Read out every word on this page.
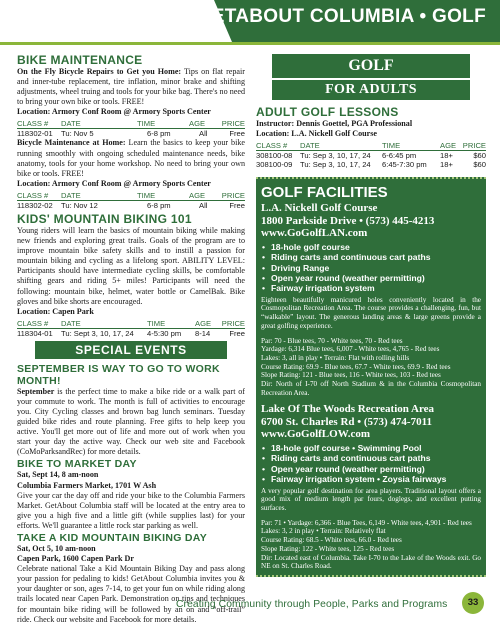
GETABOUT COLUMBIA • GOLF
BIKE MAINTENANCE

On the Fly Bicycle Repairs to Get you Home: Tips on flat repair and inner-tube replacement, tire inflation, minor brake and shifting adjustments, wheel truing and tools for your bike bag. There's no need to bring your own bike or tools. FREE!

Location: Armory Conf Room @ Armory Sports Center
CLASS #	DATE	TIME	AGE	PRICE
118302-01	Tu: Nov 5	6-8 pm	All	Free

Bicycle Maintenance at Home: Learn the basics to keep your bike running smoothly with ongoing scheduled maintenance needs, bike anatomy, tools for your home workshop. No need to bring your own bike or tools. FREE!

Location: Armory Conf Room @ Armory Sports Center
CLASS #	DATE	TIME	AGE	PRICE
118302-02	Tu: Nov 12	6-8 pm	All	Free
KIDS' MOUNTAIN BIKING 101

Young riders will learn the basics of mountain biking while making new friends and exploring great trails. Goals of the program are to improve mountain bike safety skills and to instill a passion for mountain biking and cycling as a lifelong sport. ABILITY LEVEL: Participants should have intermediate cycling skills, be comfortable shifting gears and riding 5+ miles! Participants will need the following: mountain bike, helmet, water bottle or CamelBak. Bike gloves and bike shorts are encouraged.

Location: Capen Park
CLASS #	DATE	TIME	AGE	PRICE
118304-01	Tu: Sept 3, 10, 17, 24	4-5:30 pm	8-14	Free
SPECIAL EVENTS
SEPTEMBER IS WAY TO GO TO WORK MONTH!

September is the perfect time to make a bike ride or a walk part of your commute to work. The month is full of activities to encourage you. City Cycling classes and brown bag lunch seminars. Tuesday guided bike rides and route planning. Free gifts to help keep you active. You'll get more out of life and more out of work when you start your day the active way. Check our web site and Facebook (CoMoParksandRec) for more details.

BIKE TO MARKET DAY
Sat, Sept 14, 8 am-noon
Columbia Farmers Market, 1701 W Ash

Give your car the day off and ride your bike to the Columbia Farmers Market. GetAbout Columbia staff will be located at the entry area to give you a high five and a little gift (while supplies last) for your efforts. We'll guarantee a little rock star parking as well.

TAKE A KID MOUNTAIN BIKING DAY
Sat, Oct 5, 10 am-noon
Capen Park, 1600 Capen Park Dr

Celebrate national Take a Kid Mountain Biking Day and pass along your passion for pedaling to kids! GetAbout Columbia invites you & your daughter or son, ages 7-14, to get your fun on while riding along trails located near Capen Park. Demonstration on tips and techniques for mountain bike riding will be followed by an on and “off-trail” ride. Check our website and Facebook for more details.

GOLF
FOR ADULTS
ADULT GOLF LESSONS
Instructor: Dennis Goettel, PGA Professional
Location: L.A. Nickell Golf Course
CLASS #	DATE	TIME	AGE PRICE
308100-08	Tu: Sep 3, 10, 17, 24	6-6:45 pm	18+	$60
308100-09	Tu: Sep 3, 10, 17, 24	6:45-7:30 pm	18+	$60
GOLF FACILITIES
L.A. Nickell Golf Course
1800 Parkside Drive • (573) 445-4213
www.GoGolfLAN.com
• 18-hole golf course
• Riding carts and continuous cart paths
• Driving Range
• Open year round (weather permitting)
• Fairway irrigation system

Eighteen beautifully manicured holes conveniently located in the Cosmopolitan Recreation Area. The course provides a challenging, fun, but “walkable” layout. The generous landing areas & large greens provide a great golfing experience.

Par: 70 - Blue tees, 70 - White tees, 70 - Red tees
Yardage: 6,314 Blue tees, 6,007 - White tees, 4,765 - Red tees
Lakes: 3, all in play • Terrain: Flat with rolling hills
Course Rating: 69.9 - Blue tees, 67.7 - White tees, 69.9 - Red tees
Slope Rating: 121 - Blue tees, 116 - White tees, 103 - Red tees

Dir: North of I-70 off North Stadium & in the Columbia Cosmopolitan Recreation Area.

Lake Of The Woods Recreation Area
6700 St. Charles Rd • (573) 474-7011
www.GoGolfLOW.com
• 18-hole golf course • Swimming Pool
• Riding carts and continuous cart paths
• Open year round (weather permitting)
• Fairway irrigation system • Zoysia fairways

A very popular golf destination for area players. Traditional layout offers a good mix of medium length par fours, doglegs, and excellent putting surfaces.

Par: 71 • Yardage: 6,366 - Blue Tees, 6,149 - White tees, 4,901 - Red tees
Lakes: 3, 2 in play • Terrain: Relatively flat
Course Rating: 68.5 - White tees, 66.0 - Red tees
Slope Rating: 122 - White tees, 125 - Red tees

Dir: Located east of Columbia. Take I-70 to the Lake of the Woods exit. Go NE on St. Charles Road.

Creating Community through People, Parks and Programs	33
